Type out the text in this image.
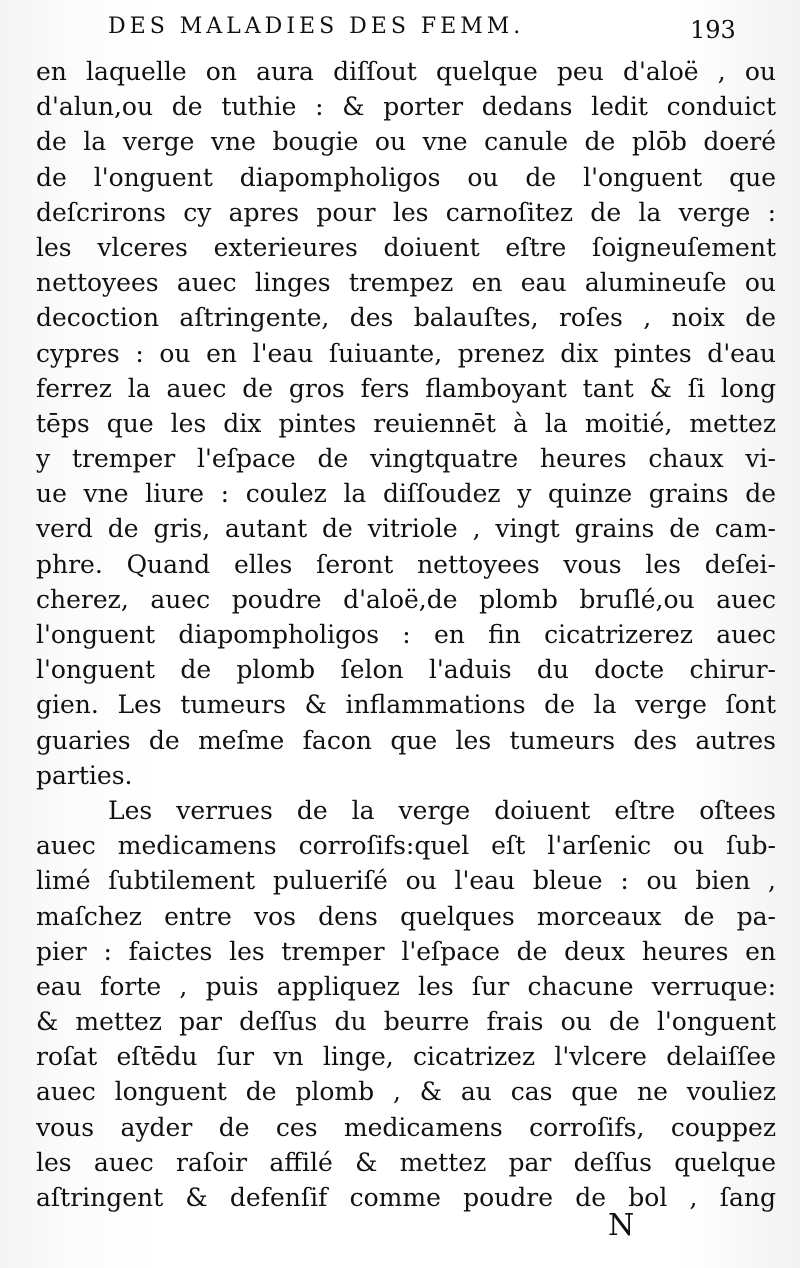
DES MALADIES DES FEMM.	193
en laquelle on aura diſſout quelque peu d'aloë , ou
d'alun,ou de tuthie : & porter dedans ledit conduict
de la verge vne bougie ou vne canule de plōb doeré
de l'onguent diapompholigos ou de l'onguent que
deſcrirons cy apres pour les carnoſitez de la verge :
les vlceres exterieures doiuent eſtre ſoigneuſement
nettoyees auec linges trempez en eau alumineuſe ou
decoction aſtringente, des balauſtes, roſes , noix de
cypres : ou en l'eau ſuiuante, prenez dix pintes d'eau
ferrez la auec de gros fers flamboyant tant & ſi long
tēps que les dix pintes reuiennēt à la moitié, mettez
y tremper l'eſpace de vingtquatre heures chaux vi-
ue vne liure : coulez la diſſoudez y quinze grains de
verd de gris, autant de vitriole , vingt grains de cam-
phre. Quand elles ſeront nettoyees vous les deſei-
cherez, auec poudre d'aloë,de plomb bruſlé,ou auec
l'onguent diapompholigos : en fin cicatrizerez auec
l'onguent de plomb ſelon l'aduis du docte chirur-
gien. Les tumeurs & inflammations de la verge ſont
guaries de meſme facon que les tumeurs des autres
parties.
Les verrues de la verge doiuent eſtre oſtees
auec medicamens corroſifs:quel eſt l'arſenic ou ſub-
limé ſubtilement pulueriſé ou l'eau bleue : ou bien ,
maſchez entre vos dens quelques morceaux de pa-
pier : faictes les tremper l'eſpace de deux heures en
eau forte , puis appliquez les ſur chacune verruque:
& mettez par deſſus du beurre frais ou de l'onguent
roſat eſtēdu ſur vn linge, cicatrizez l'vlcere delaiſſee
auec longuent de plomb , & au cas que ne vouliez
vous ayder de ces medicamens corroſifs, couppez
les auec raſoir affilé & mettez par deſſus quelque
aſtringent & defenſif comme poudre de bol , ſang
N
